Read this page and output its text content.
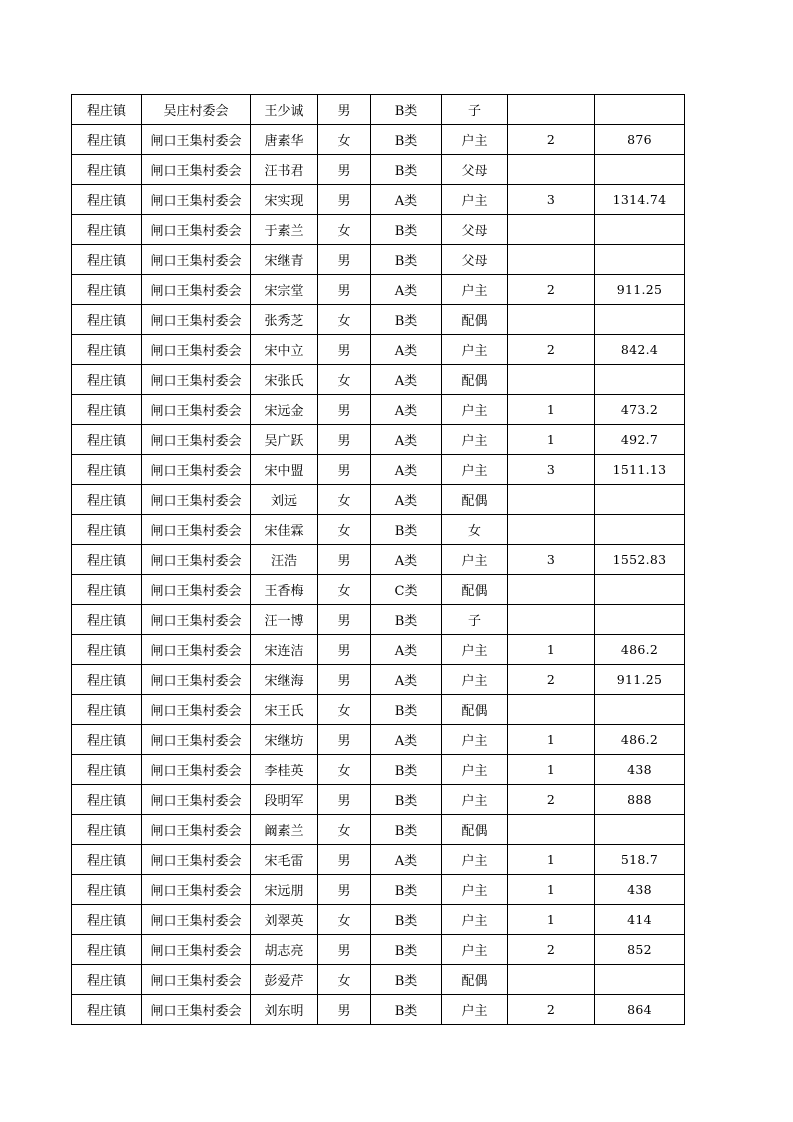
程庄镇	吴庄村委会	王少诚	男	B类	子		
程庄镇	闸口王集村委会	唐素华	女	B类	户主	2	876
程庄镇	闸口王集村委会	汪书君	男	B类	父母		
程庄镇	闸口王集村委会	宋实现	男	A类	户主	3	1314.74
程庄镇	闸口王集村委会	于素兰	女	B类	父母		
程庄镇	闸口王集村委会	宋继青	男	B类	父母		
程庄镇	闸口王集村委会	宋宗堂	男	A类	户主	2	911.25
程庄镇	闸口王集村委会	张秀芝	女	B类	配偶		
程庄镇	闸口王集村委会	宋中立	男	A类	户主	2	842.4
程庄镇	闸口王集村委会	宋张氏	女	A类	配偶		
程庄镇	闸口王集村委会	宋远金	男	A类	户主	1	473.2
程庄镇	闸口王集村委会	吴广跃	男	A类	户主	1	492.7
程庄镇	闸口王集村委会	宋中盟	男	A类	户主	3	1511.13
程庄镇	闸口王集村委会	刘远	女	A类	配偶		
程庄镇	闸口王集村委会	宋佳霖	女	B类	女		
程庄镇	闸口王集村委会	汪浩	男	A类	户主	3	1552.83
程庄镇	闸口王集村委会	王香梅	女	C类	配偶		
程庄镇	闸口王集村委会	汪一博	男	B类	子		
程庄镇	闸口王集村委会	宋连洁	男	A类	户主	1	486.2
程庄镇	闸口王集村委会	宋继海	男	A类	户主	2	911.25
程庄镇	闸口王集村委会	宋王氏	女	B类	配偶		
程庄镇	闸口王集村委会	宋继坊	男	A类	户主	1	486.2
程庄镇	闸口王集村委会	李桂英	女	B类	户主	1	438
程庄镇	闸口王集村委会	段明军	男	B类	户主	2	888
程庄镇	闸口王集村委会	阚素兰	女	B类	配偶		
程庄镇	闸口王集村委会	宋毛雷	男	A类	户主	1	518.7
程庄镇	闸口王集村委会	宋远朋	男	B类	户主	1	438
程庄镇	闸口王集村委会	刘翠英	女	B类	户主	1	414
程庄镇	闸口王集村委会	胡志亮	男	B类	户主	2	852
程庄镇	闸口王集村委会	彭爱芹	女	B类	配偶		
程庄镇	闸口王集村委会	刘东明	男	B类	户主	2	864
